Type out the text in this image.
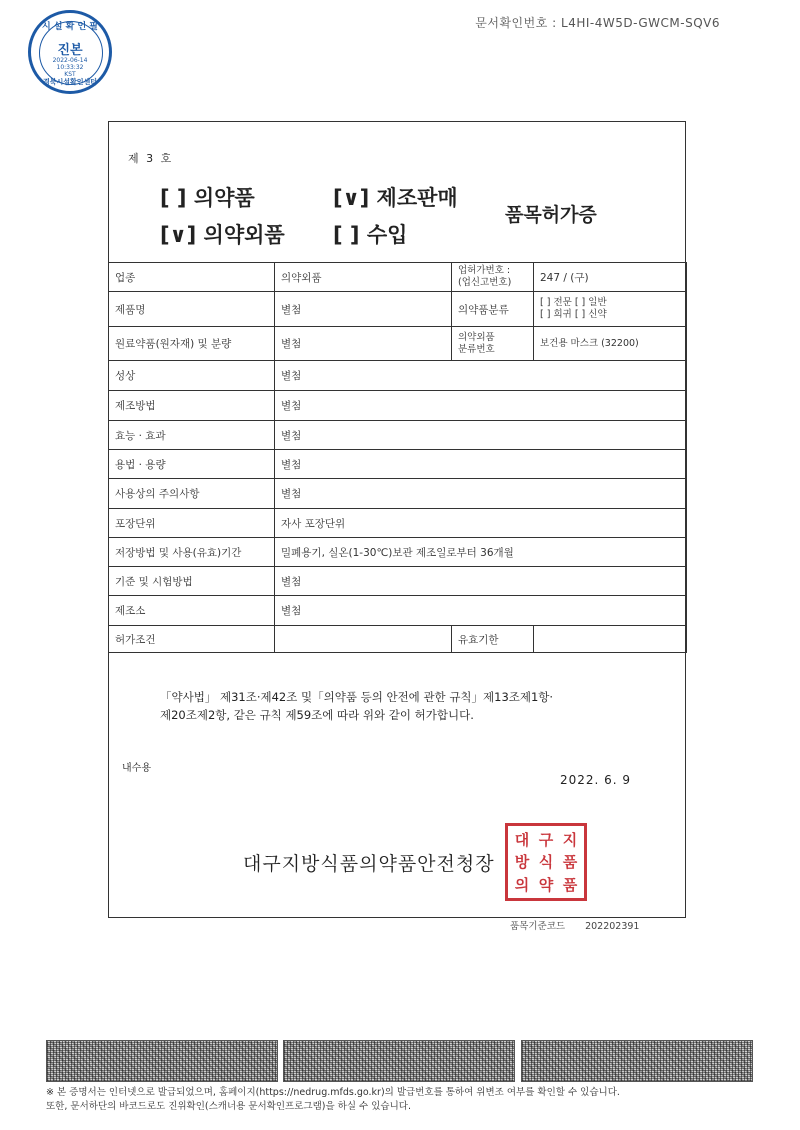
문서확인번호 : L4HI-4W5D-GWCM-SQV6
시 설 확 인 필
진본
2022-06-14
10:33:32
KST
경북시설확인센터
제 3 호
[ ] 의약품	[∨] 제조판매
[∨] 의약외품 [ ] 수입
품목허가증
업종	의약외품	업허가번호 :
(업신고번호)	247 / (구)
제품명	별첨	의약품분류	[ ] 전문 [ ] 일반
[ ] 희귀 [ ] 신약

원료약품(원자재) 및 분량	별첨	의약외품
분류번호	보건용 마스크 (32200)
성상	별첨		
제조방법	별첨		
효능 · 효과	별첨		
용법 · 용량	별첨		
사용상의 주의사항	별첨		
포장단위	자사 포장단위		
저장방법 및 사용(유효)기간	밀폐용기, 실온(1-30℃)보관 제조일로부터 36개월		
기준 및 시험방법	별첨		
제조소	별첨		
허가조건		유효기한	
「약사법」 제31조·제42조 및「의약품 등의 안전에 관한 규칙」제13조제1항·
제20조제2항, 같은 규칙 제59조에 따라 위와 같이 허가합니다.
내수용
2022. 6. 9
대구지방식품의약품안전청장
대 구 지
방 식 품
의 약 품
품목기준코드 202202391
※ 본 증명서는 인터넷으로 발급되었으며, 홈페이지(https://nedrug.mfds.go.kr)의 발급번호를 통하여 위변조 여부를 확인할 수 있습니다.
또한, 문서하단의 바코드로도 진위확인(스캐너용 문서확인프로그램)을 하실 수 있습니다.
